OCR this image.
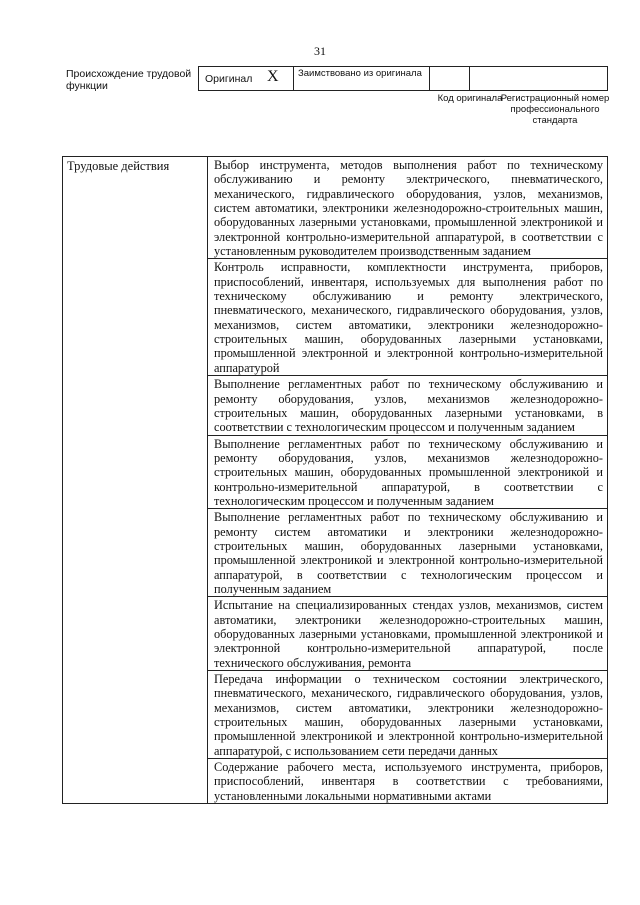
31
Происхождение трудовой функции
Оригинал X Заимствовано из оригинала
Код оригинала
Регистрационный номер профессионального стандарта
Трудовые действия	Выбор инструмента, методов выполнения работ по техническому обслуживанию и ремонту электрического, пневматического, механического, гидравлического оборудования, узлов, механизмов, систем автоматики, электроники железнодорожно-строительных машин, оборудованных лазерными установками, промышленной электроникой и электронной контрольно-измерительной аппаратурой, в соответствии с установленным руководителем производственным заданием
Контроль исправности, комплектности инструмента, приборов, приспособлений, инвентаря, используемых для выполнения работ по техническому обслуживанию и ремонту электрического, пневматического, механического, гидравлического оборудования, узлов, механизмов, систем автоматики, электроники железнодорожно-строительных машин, оборудованных лазерными установками, промышленной электронной и электронной контрольно-измерительной аппаратурой
Выполнение регламентных работ по техническому обслуживанию и ремонту оборудования, узлов, механизмов железнодорожно-строительных машин, оборудованных лазерными установками, в соответствии с технологическим процессом и полученным заданием
Выполнение регламентных работ по техническому обслуживанию и ремонту оборудования, узлов, механизмов железнодорожно-строительных машин, оборудованных промышленной электроникой и контрольно-измерительной аппаратурой, в соответствии с технологическим процессом и полученным заданием
Выполнение регламентных работ по техническому обслуживанию и ремонту систем автоматики и электроники железнодорожно-строительных машин, оборудованных лазерными установками, промышленной электроникой и электронной контрольно-измерительной аппаратурой, в соответствии с технологическим процессом и полученным заданием
Испытание на специализированных стендах узлов, механизмов, систем автоматики, электроники железнодорожно-строительных машин, оборудованных лазерными установками, промышленной электроникой и электронной контрольно-измерительной аппаратурой, после технического обслуживания, ремонта
Передача информации о техническом состоянии электрического, пневматического, механического, гидравлического оборудования, узлов, механизмов, систем автоматики, электроники железнодорожно-строительных машин, оборудованных лазерными установками, промышленной электроникой и электронной контрольно-измерительной аппаратурой, с использованием сети передачи данных
Содержание рабочего места, используемого инструмента, приборов, приспособлений, инвентаря в соответствии с требованиями, установленными локальными нормативными актами
